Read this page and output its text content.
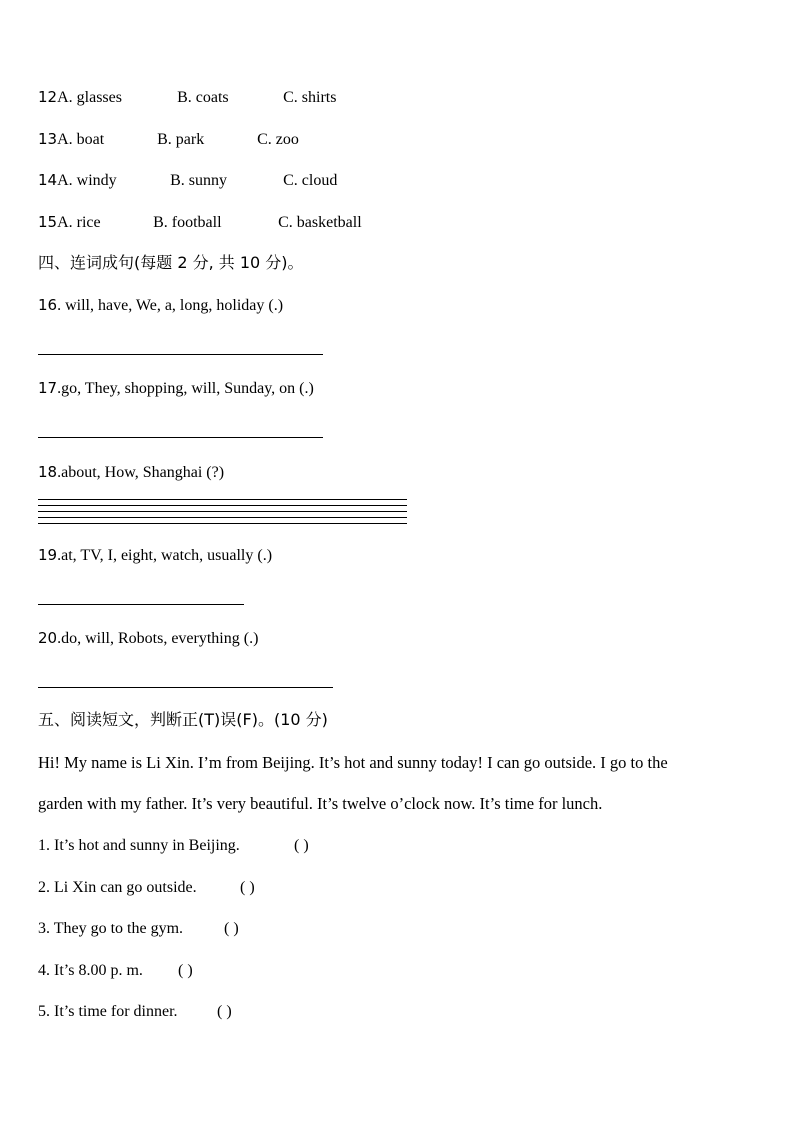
12A. glasses	B. coats	C. shirts
13A. boat	B. park	C. zoo
14A. windy	B. sunny	C. cloud
15A. rice	B. football	C. basketball
四、连词成句(每题 2 分, 共 10 分)。
16. will, have, We, a, long, holiday (.)
17.go, They, shopping, will, Sunday, on (.)
18.about, How, Shanghai (?)
19.at, TV, I, eight, watch, usually (.)
20.do, will, Robots, everything (.)
五、阅读短文，判断正(T)误(F)。(10 分)
Hi! My name is Li Xin. I’m from Beijing. It’s hot and sunny today! I can go outside. I go to the
garden with my father. It’s very beautiful. It’s twelve o’clock now. It’s time for lunch.
1. It’s hot and sunny in Beijing.	( )
2. Li Xin can go outside.	( )
3. They go to the gym.	( )
4. It’s 8.00 p. m. ( )
5. It’s time for dinner. ( )
